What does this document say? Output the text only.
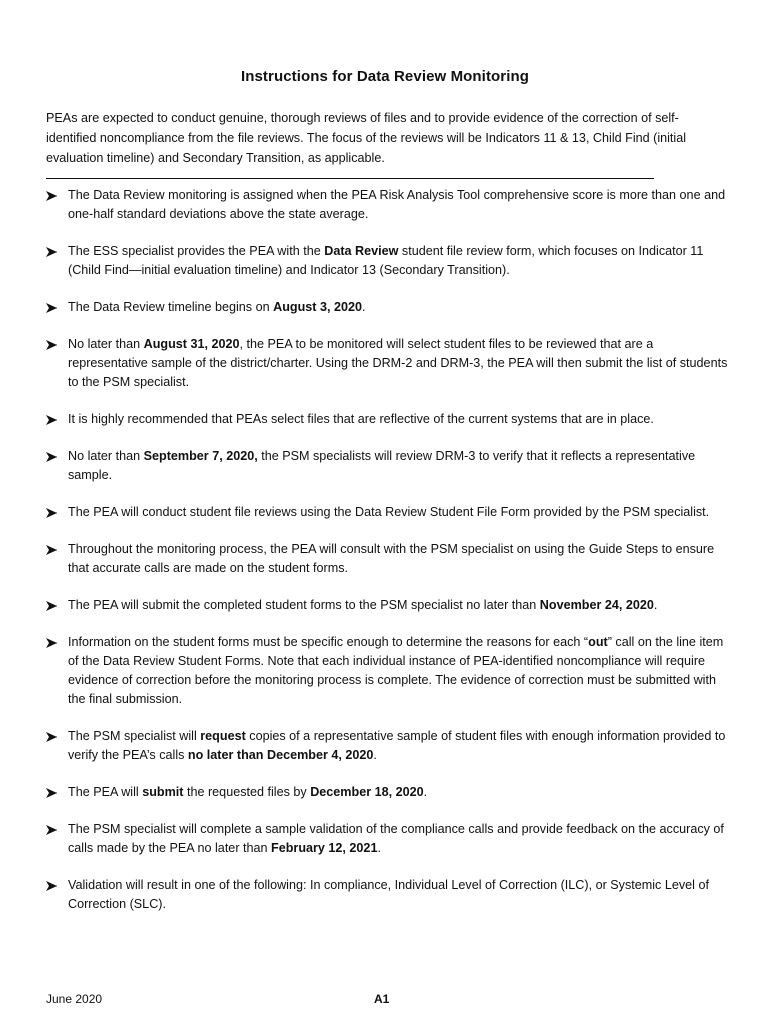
Instructions for Data Review Monitoring
PEAs are expected to conduct genuine, thorough reviews of files and to provide evidence of the correction of self-identified noncompliance from the file reviews. The focus of the reviews will be Indicators 11 & 13, Child Find (initial evaluation timeline) and Secondary Transition, as applicable.
The Data Review monitoring is assigned when the PEA Risk Analysis Tool comprehensive score is more than one and one-half standard deviations above the state average.
The ESS specialist provides the PEA with the Data Review student file review form, which focuses on Indicator 11 (Child Find—initial evaluation timeline) and Indicator 13 (Secondary Transition).
The Data Review timeline begins on August 3, 2020.
No later than August 31, 2020, the PEA to be monitored will select student files to be reviewed that are a representative sample of the district/charter. Using the DRM-2 and DRM-3, the PEA will then submit the list of students to the PSM specialist.
It is highly recommended that PEAs select files that are reflective of the current systems that are in place.
No later than September 7, 2020, the PSM specialists will review DRM-3 to verify that it reflects a representative sample.
The PEA will conduct student file reviews using the Data Review Student File Form provided by the PSM specialist.
Throughout the monitoring process, the PEA will consult with the PSM specialist on using the Guide Steps to ensure that accurate calls are made on the student forms.
The PEA will submit the completed student forms to the PSM specialist no later than November 24, 2020.
Information on the student forms must be specific enough to determine the reasons for each “out” call on the line item of the Data Review Student Forms. Note that each individual instance of PEA-identified noncompliance will require evidence of correction before the monitoring process is complete. The evidence of correction must be submitted with the final submission.
The PSM specialist will request copies of a representative sample of student files with enough information provided to verify the PEA’s calls no later than December 4, 2020.
The PEA will submit the requested files by December 18, 2020.
The PSM specialist will complete a sample validation of the compliance calls and provide feedback on the accuracy of calls made by the PEA no later than February 12, 2021.
Validation will result in one of the following: In compliance, Individual Level of Correction (ILC), or Systemic Level of Correction (SLC).
June 2020	A1
